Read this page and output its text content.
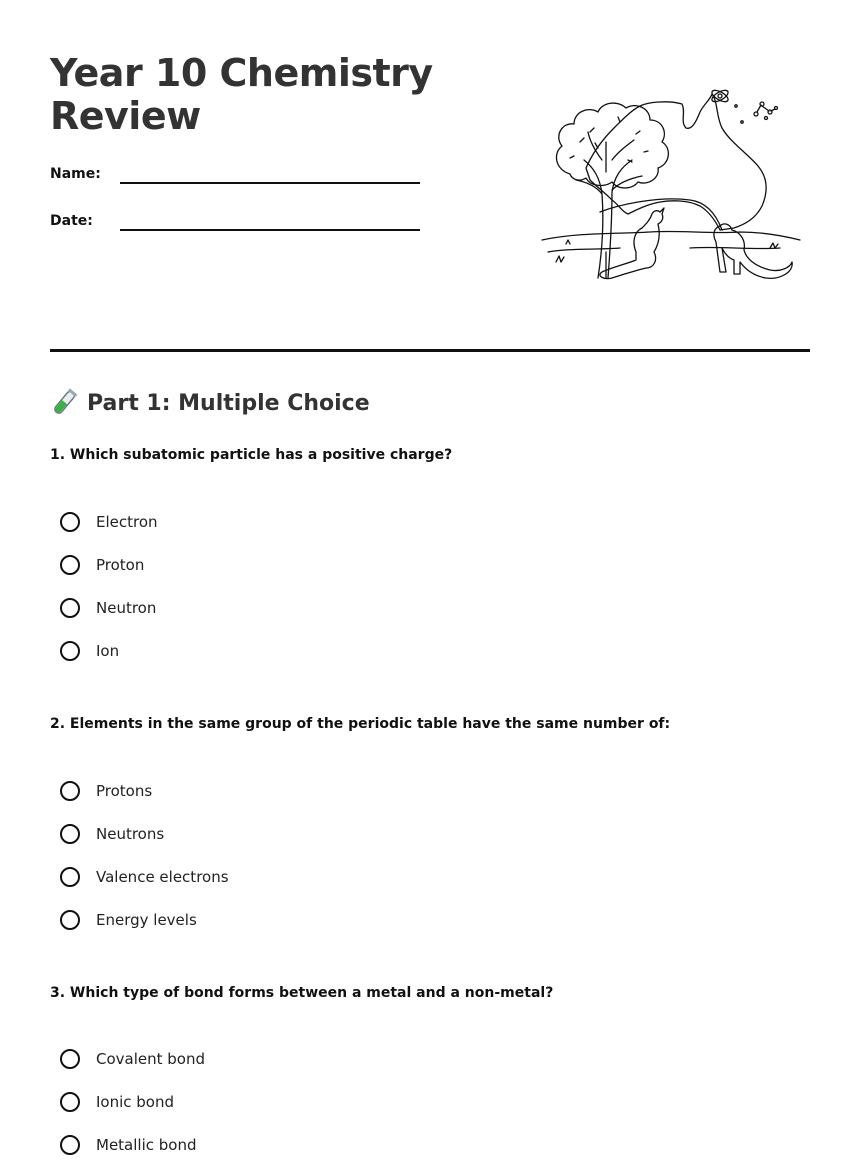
Year 10 Chemistry
Review
Name:
Date:
Part 1: Multiple Choice

1. Which subatomic particle has a positive charge?

Electron
Proton
Neutron
Ion

2. Elements in the same group of the periodic table have the same number of:

Protons
Neutrons
Valence electrons
Energy levels

3. Which type of bond forms between a metal and a non-metal?

Covalent bond
Ionic bond
Metallic bond
